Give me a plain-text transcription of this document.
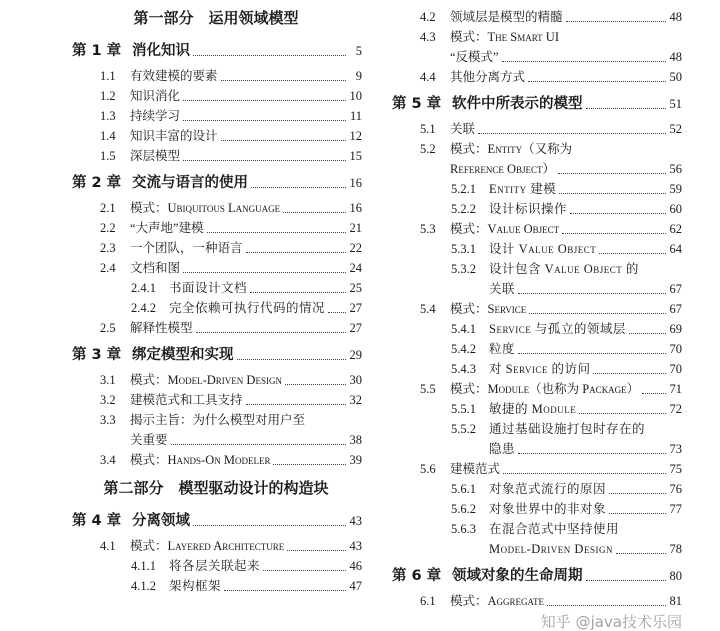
第一部分　运用领域模型
第 1 章 消化知识	5
1.1	有效建模的要素	9
1.2	知识消化	10
1.3	持续学习	11
1.4	知识丰富的设计	12
1.5	深层模型	15
第 2 章 交流与语言的使用	16
2.1	模式：Ubiquitous Language	16
2.2	“大声地”建模	21
2.3	一个团队，一种语言	22
2.4	文档和图	24
2.4.1	书面设计文档	25
2.4.2	完全依赖可执行代码的情况 27
2.5	解释性模型	27
第 3 章 绑定模型和实现	29
3.1	模式：Model-Driven Design	30
3.2	建模范式和工具支持	32
3.3	揭示主旨：为什么模型对用户至
关重要	38
3.4	模式：Hands-On Modeler	39
第二部分　模型驱动设计的构造块
第 4 章 分离领域	43
4.1	模式：Layered Architecture	43
4.1.1	将各层关联起来	46
4.1.2	架构框架	47
4.2	领域层是模型的精髓	48
4.3	模式：The Smart UI
“反模式”	48
4.4	其他分离方式	50
第 5 章 软件中所表示的模型	51
5.1	关联	52
5.2	模式：Entity（又称为
Reference Object）	56
5.2.1	Entity 建模	59
5.2.2	设计标识操作	60
5.3	模式：Value Object	62
5.3.1	设计 Value Object	64
5.3.2	设计包含 Value Object 的
关联	67
5.4	模式：Service	67
5.4.1	Service 与孤立的领域层	69
5.4.2	粒度	70
5.4.3	对 Service 的访问	70
5.5	模式：Module（也称为 Package） 71
5.5.1	敏捷的 Module	72
5.5.2	通过基础设施打包时存在的
隐患	73
5.6	建模范式	75
5.6.1	对象范式流行的原因	76
5.6.2	对象世界中的非对象	77
5.6.3	在混合范式中坚持使用
Model-Driven Design	78
第 6 章 领域对象的生命周期	80
6.1	模式：Aggregate	81
知乎 @java技术乐园
